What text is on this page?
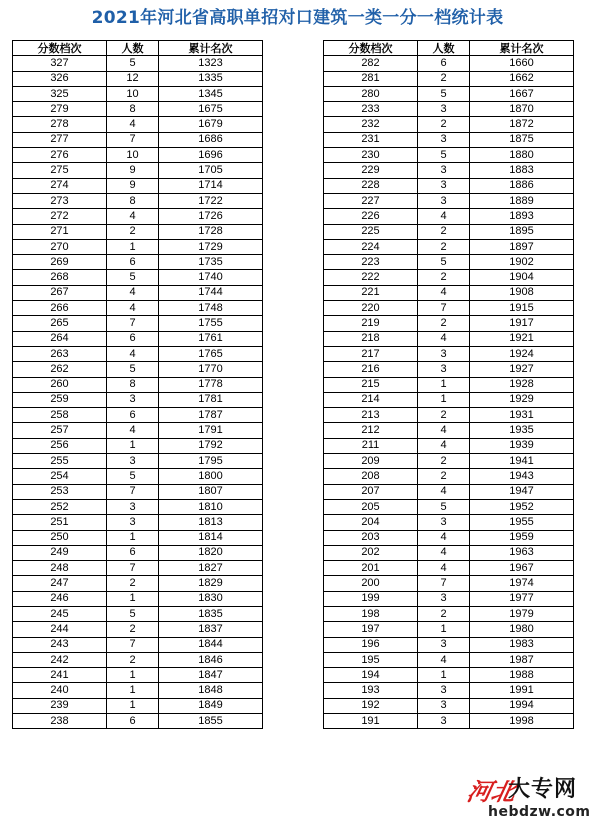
2021年河北省高职单招对口建筑一类一分一档统计表
分数档次	人数	累计名次
327	5	1323
326	12	1335
325	10	1345
279	8	1675
278	4	1679
277	7	1686
276	10	1696
275	9	1705
274	9	1714
273	8	1722
272	4	1726
271	2	1728
270	1	1729
269	6	1735
268	5	1740
267	4	1744
266	4	1748
265	7	1755
264	6	1761
263	4	1765
262	5	1770
260	8	1778
259	3	1781
258	6	1787
257	4	1791
256	1	1792
255	3	1795
254	5	1800
253	7	1807
252	3	1810
251	3	1813
250	1	1814
249	6	1820
248	7	1827
247	2	1829
246	1	1830
245	5	1835
244	2	1837
243	7	1844
242	2	1846
241	1	1847
240	1	1848
239	1	1849
238	6	1855
分数档次	人数	累计名次
282	6	1660
281	2	1662
280	5	1667
233	3	1870
232	2	1872
231	3	1875
230	5	1880
229	3	1883
228	3	1886
227	3	1889
226	4	1893
225	2	1895
224	2	1897
223	5	1902
222	2	1904
221	4	1908
220	7	1915
219	2	1917
218	4	1921
217	3	1924
216	3	1927
215	1	1928
214	1	1929
213	2	1931
212	4	1935
211	4	1939
209	2	1941
208	2	1943
207	4	1947
205	5	1952
204	3	1955
203	4	1959
202	4	1963
201	4	1967
200	7	1974
199	3	1977
198	2	1979
197	1	1980
196	3	1983
195	4	1987
194	1	1988
193	3	1991
192	3	1994
191	3	1998
河北
大专网
hebdzw.com
